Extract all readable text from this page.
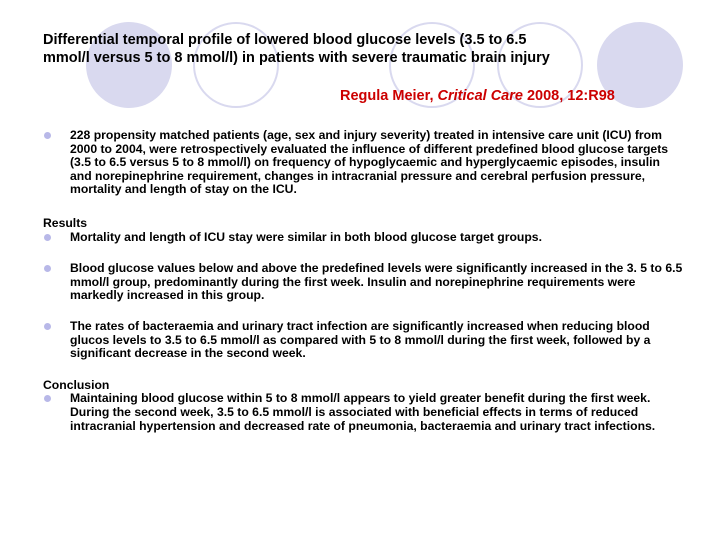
Differential temporal profile of lowered blood glucose levels (3.5 to 6.5 mmol/l versus 5 to 8 mmol/l) in patients with severe traumatic brain injury
Regula Meier, Critical Care 2008, 12:R98
228 propensity matched patients (age, sex and injury severity) treated in intensive care unit (ICU) from 2000 to 2004, were retrospectively evaluated the influence of different predefined blood glucose targets (3.5 to 6.5 versus 5 to 8 mmol/l) on frequency of hypoglycaemic and hyperglycaemic episodes, insulin and norepinephrine requirement, changes in intracranial pressure and cerebral perfusion pressure, mortality and length of stay on the ICU.
Results
Mortality and length of ICU stay were similar in both blood glucose target groups.
Blood glucose values below and above the predefined levels were significantly increased in the 3. 5 to 6.5 mmol/l group, predominantly during the first week. Insulin and norepinephrine requirements were markedly increased in this group.
The rates of bacteraemia and urinary tract infection are significantly increased when reducing blood glucos levels to 3.5 to 6.5 mmol/l as compared with 5 to 8 mmol/l during the first week, followed by a significant decrease in the second week.
Conclusion
Maintaining blood glucose within 5 to 8 mmol/l appears to yield greater benefit during the first week. During the second week, 3.5 to 6.5 mmol/l is associated with beneficial effects in terms of reduced intracranial hypertension and decreased rate of pneumonia, bacteraemia and urinary tract infections.
